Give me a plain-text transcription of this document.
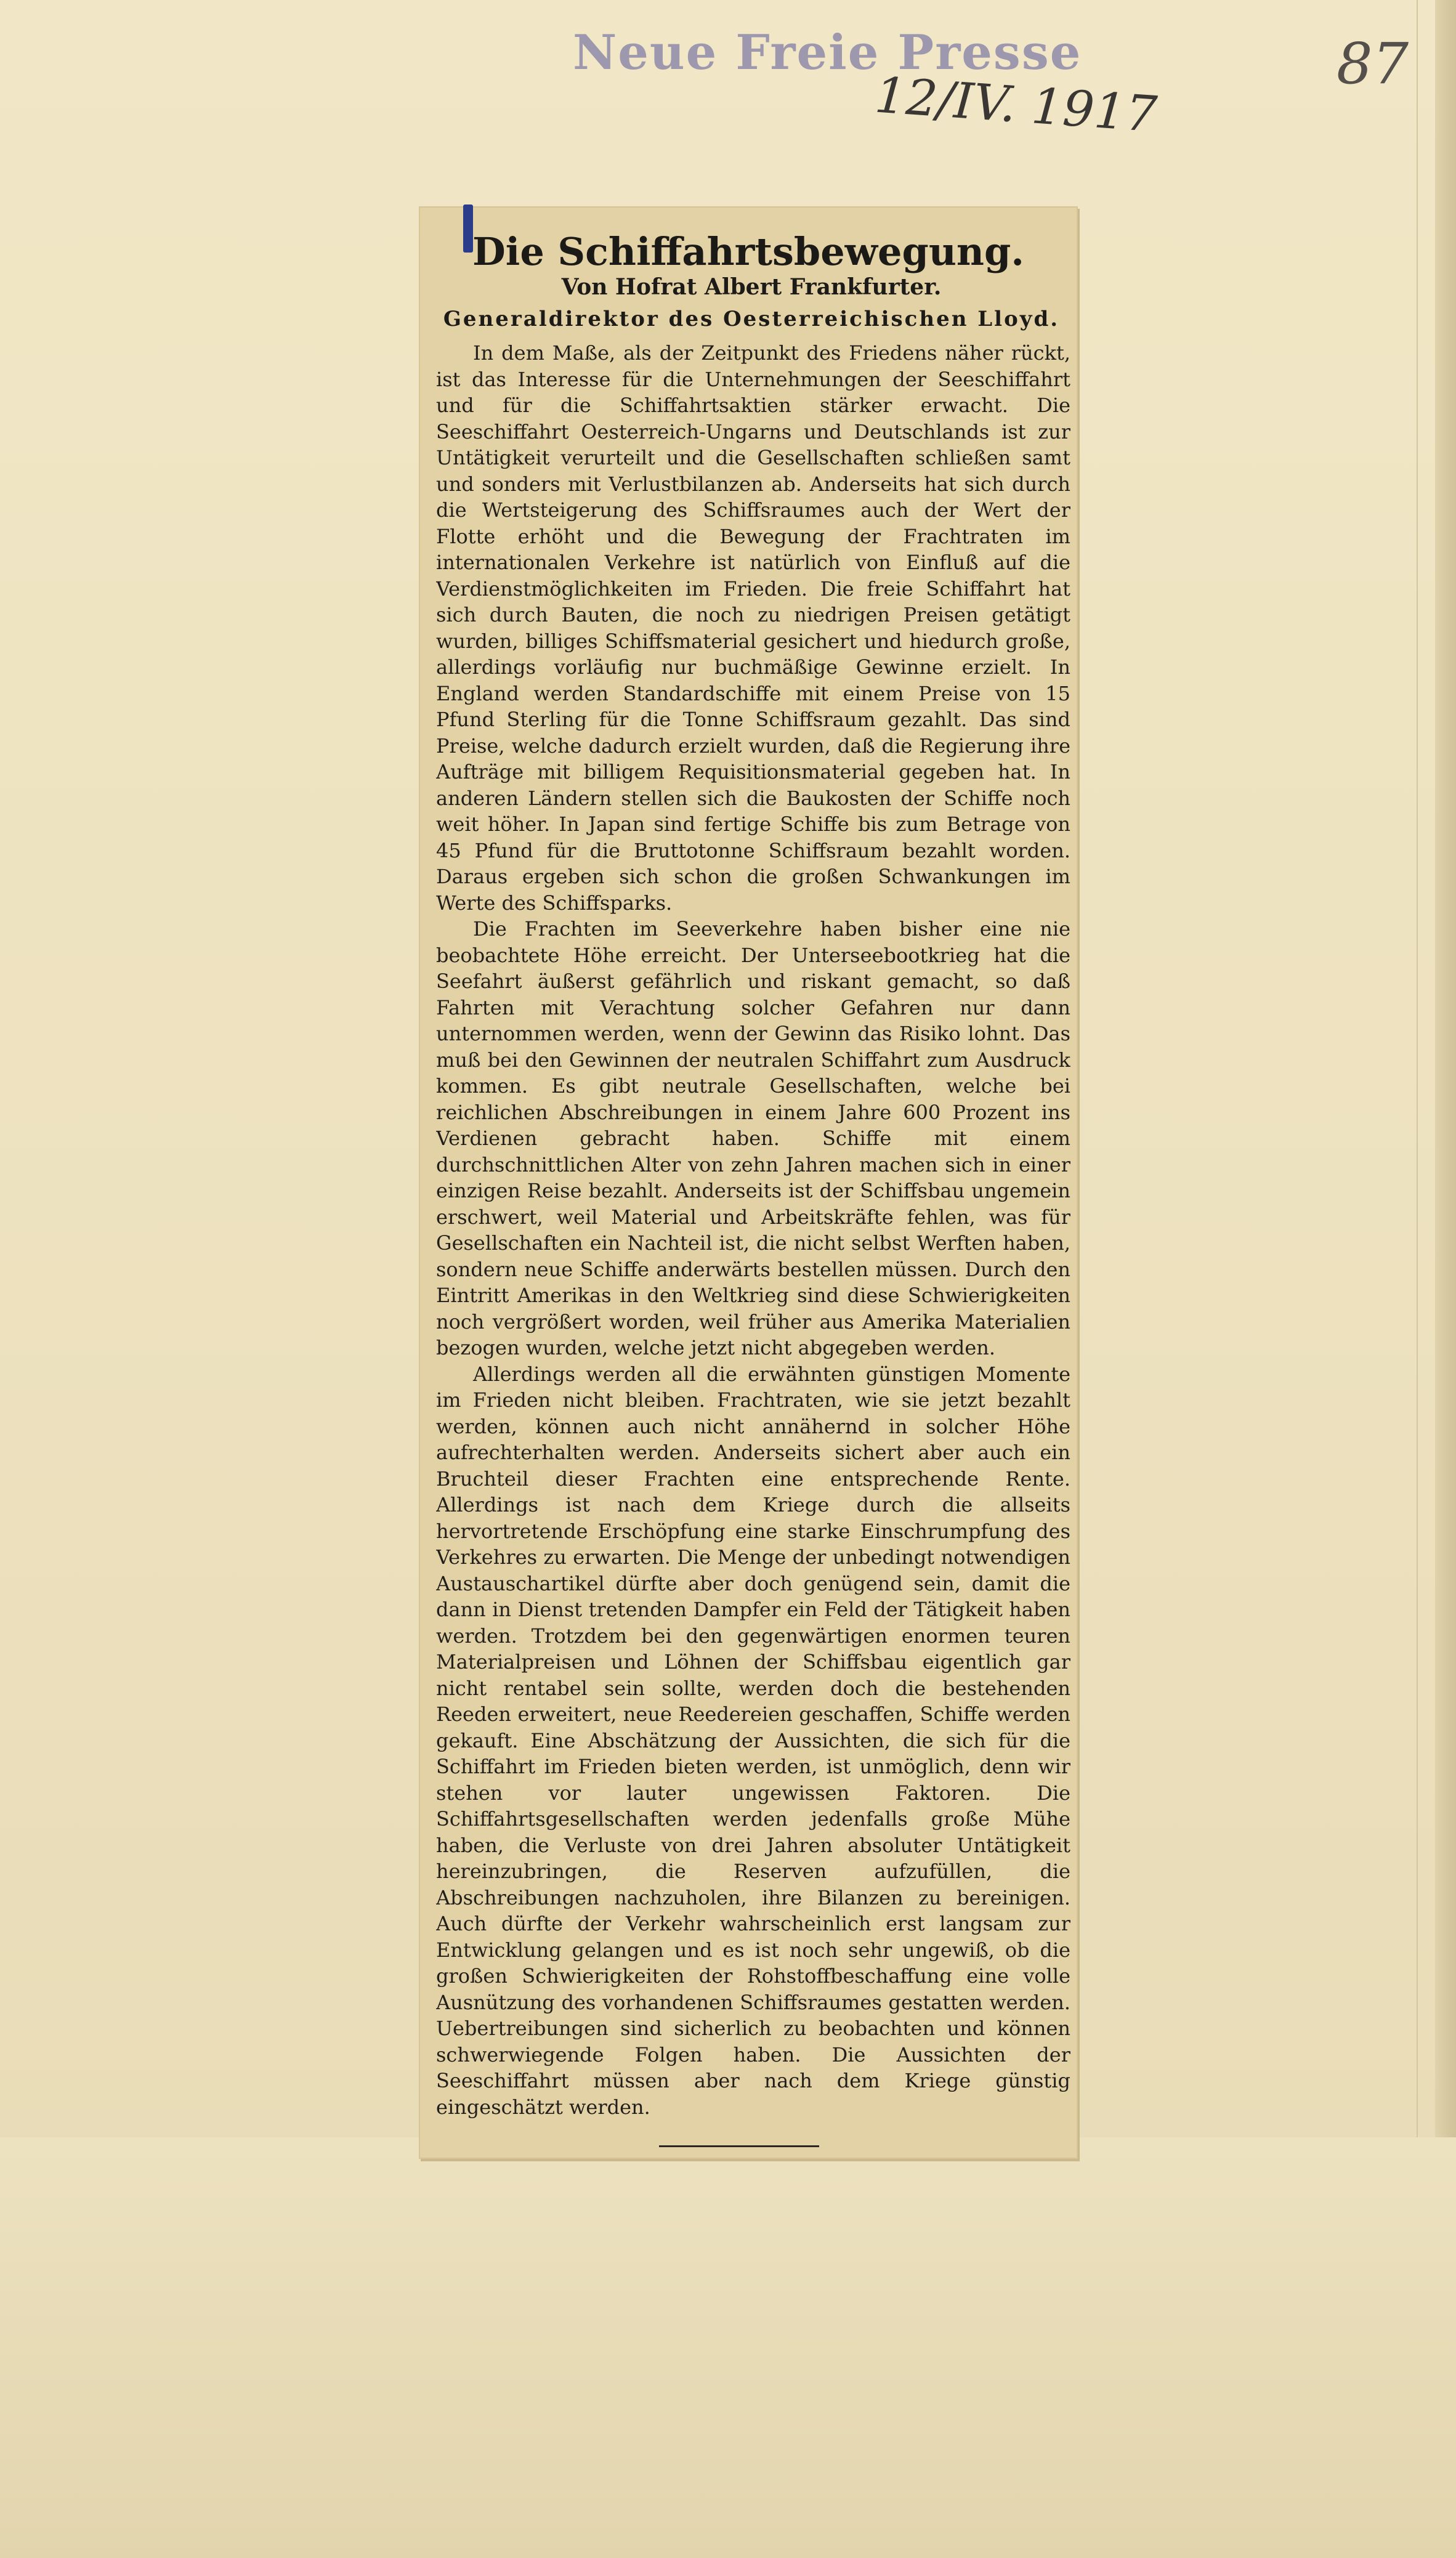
Neue Freie Presse
12/IV. 1917
87
Die Schiffahrtsbewegung.
Von Hofrat Albert Frankfurter.
Generaldirektor des Oesterreichischen Lloyd.

In dem Maße, als der Zeitpunkt des Friedens näher rückt, ist das Interesse für die Unternehmungen der Seeschiffahrt und für die Schiffahrtsaktien stärker erwacht. Die Seeschiffahrt Oesterreich-Ungarns und Deutschlands ist zur Untätigkeit verurteilt und die Gesellschaften schließen samt und sonders mit Verlustbilanzen ab. Anderseits hat sich durch die Wertsteigerung des Schiffsraumes auch der Wert der Flotte erhöht und die Bewegung der Frachtraten im internationalen Verkehre ist natürlich von Einfluß auf die Verdienstmöglichkeiten im Frieden. Die freie Schiffahrt hat sich durch Bauten, die noch zu niedrigen Preisen getätigt wurden, billiges Schiffsmaterial gesichert und hiedurch große, allerdings vorläufig nur buchmäßige Gewinne erzielt. In England werden Standardschiffe mit einem Preise von 15 Pfund Sterling für die Tonne Schiffsraum gezahlt. Das sind Preise, welche dadurch erzielt wurden, daß die Regierung ihre Aufträge mit billigem Requisitionsmaterial gegeben hat. In anderen Ländern stellen sich die Baukosten der Schiffe noch weit höher. In Japan sind fertige Schiffe bis zum Betrage von 45 Pfund für die Bruttotonne Schiffsraum bezahlt worden. Daraus ergeben sich schon die großen Schwankungen im Werte des Schiffsparks.

Die Frachten im Seeverkehre haben bisher eine nie beobachtete Höhe erreicht. Der Unterseebootkrieg hat die Seefahrt äußerst gefährlich und riskant gemacht, so daß Fahrten mit Verachtung solcher Gefahren nur dann unternommen werden, wenn der Gewinn das Risiko lohnt. Das muß bei den Gewinnen der neutralen Schiffahrt zum Ausdruck kommen. Es gibt neutrale Gesellschaften, welche bei reichlichen Abschreibungen in einem Jahre 600 Prozent ins Verdienen gebracht haben. Schiffe mit einem durchschnittlichen Alter von zehn Jahren machen sich in einer einzigen Reise bezahlt. Anderseits ist der Schiffsbau ungemein erschwert, weil Material und Arbeitskräfte fehlen, was für Gesellschaften ein Nachteil ist, die nicht selbst Werften haben, sondern neue Schiffe anderwärts bestellen müssen. Durch den Eintritt Amerikas in den Weltkrieg sind diese Schwierigkeiten noch vergrößert worden, weil früher aus Amerika Materialien bezogen wurden, welche jetzt nicht abgegeben werden.

Allerdings werden all die erwähnten günstigen Momente im Frieden nicht bleiben. Frachtraten, wie sie jetzt bezahlt werden, können auch nicht annähernd in solcher Höhe aufrechterhalten werden. Anderseits sichert aber auch ein Bruchteil dieser Frachten eine entsprechende Rente. Allerdings ist nach dem Kriege durch die allseits hervortretende Erschöpfung eine starke Einschrumpfung des Verkehres zu erwarten. Die Menge der unbedingt notwendigen Austauschartikel dürfte aber doch genügend sein, damit die dann in Dienst tretenden Dampfer ein Feld der Tätigkeit haben werden. Trotzdem bei den gegenwärtigen enormen teuren Materialpreisen und Löhnen der Schiffsbau eigentlich gar nicht rentabel sein sollte, werden doch die bestehenden Reeden erweitert, neue Reedereien geschaffen, Schiffe werden gekauft. Eine Abschätzung der Aussichten, die sich für die Schiffahrt im Frieden bieten werden, ist unmöglich, denn wir stehen vor lauter ungewissen Faktoren. Die Schiffahrtsgesellschaften werden jedenfalls große Mühe haben, die Verluste von drei Jahren absoluter Untätigkeit hereinzubringen, die Reserven aufzufüllen, die Abschreibungen nachzuholen, ihre Bilanzen zu bereinigen. Auch dürfte der Verkehr wahrscheinlich erst langsam zur Entwicklung gelangen und es ist noch sehr ungewiß, ob die großen Schwierigkeiten der Rohstoffbeschaffung eine volle Ausnützung des vorhandenen Schiffsraumes gestatten werden. Uebertreibungen sind sicherlich zu beobachten und können schwerwiegende Folgen haben. Die Aussichten der Seeschiffahrt müssen aber nach dem Kriege günstig eingeschätzt werden.
